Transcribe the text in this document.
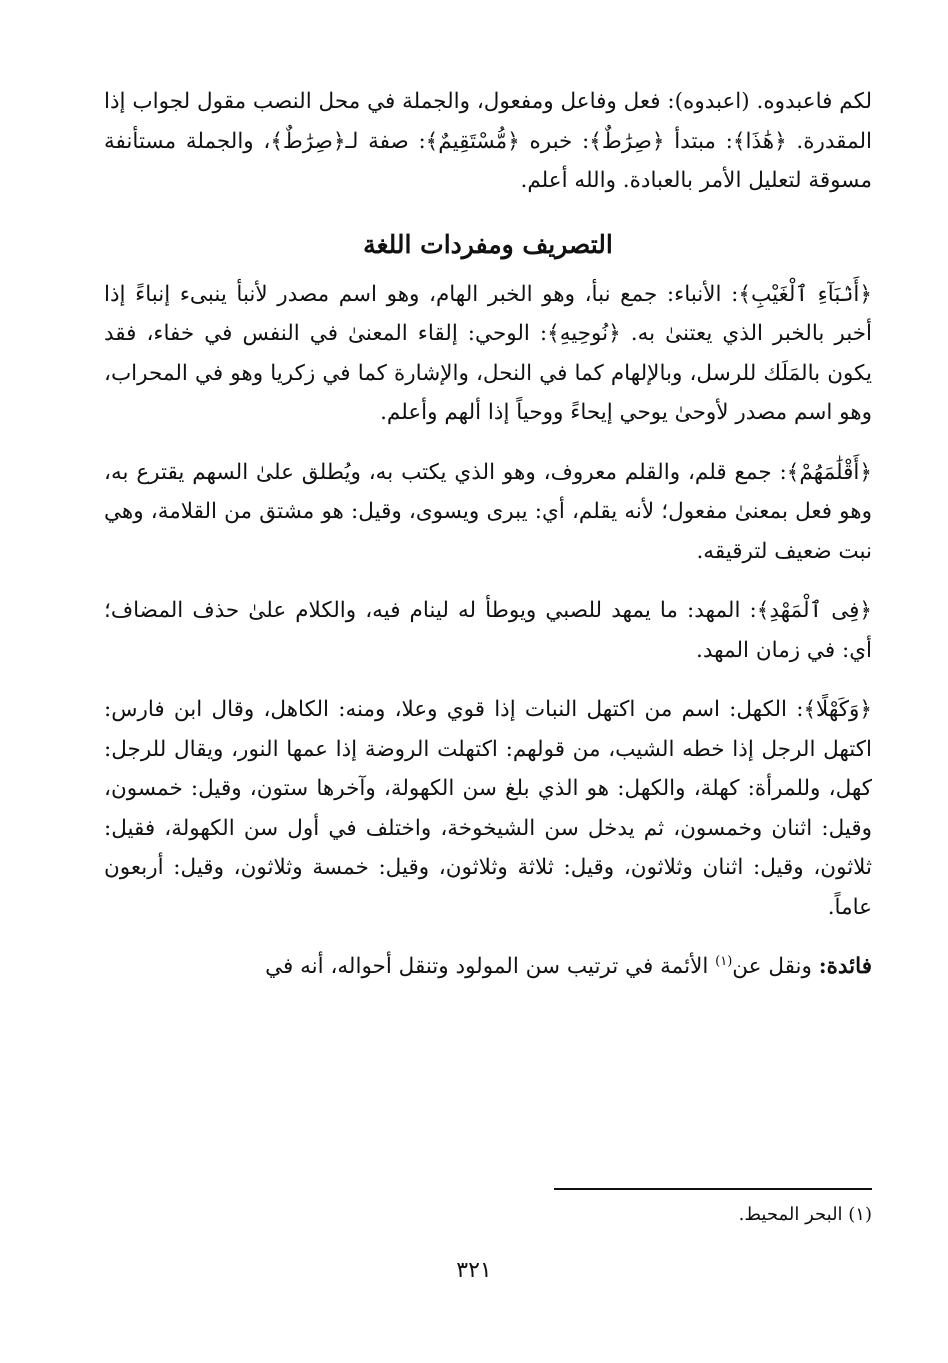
لكم فاعبدوه. (اعبدوه): فعل وفاعل ومفعول، والجملة في محل النصب مقول لجواب إذا المقدرة. ﴿هَٰذَا﴾: مبتدأ ﴿صِرَٰطٌ﴾: خبره ﴿مُّسْتَقِيمٌ﴾: صفة لـ﴿صِرَٰطٌ﴾، والجملة مستأنفة مسوقة لتعليل الأمر بالعبادة. والله أعلم.

التصريف ومفردات اللغة

﴿أَنۢبَآءِ ٱلْغَيْبِ﴾: الأنباء: جمع نبأ، وهو الخبر الهام، وهو اسم مصدر لأنبأ ينبىء إنباءً إذا أخبر بالخبر الذي يعتنىٰ به. ﴿نُوحِيهِ﴾: الوحي: إلقاء المعنىٰ في النفس في خفاء، فقد يكون بالمَلَك للرسل، وبالإلهام كما في النحل، والإشارة كما في زكريا وهو في المحراب، وهو اسم مصدر لأوحىٰ يوحي إيحاءً ووحياً إذا ألهم وأعلم.

﴿أَقْلَٰمَهُمْ﴾: جمع قلم، والقلم معروف، وهو الذي يكتب به، ويُطلق علىٰ السهم يقترع به، وهو فعل بمعنىٰ مفعول؛ لأنه يقلم، أي: يبرى ويسوى، وقيل: هو مشتق من القلامة، وهي نبت ضعيف لترقيقه.

﴿فِى ٱلْمَهْدِ﴾: المهد: ما يمهد للصبي ويوطأ له لينام فيه، والكلام علىٰ حذف المضاف؛ أي: في زمان المهد.

﴿وَكَهْلًا﴾: الكهل: اسم من اكتهل النبات إذا قوي وعلا، ومنه: الكاهل، وقال ابن فارس: اكتهل الرجل إذا خطه الشيب، من قولهم: اكتهلت الروضة إذا عمها النور، ويقال للرجل: كهل، وللمرأة: كهلة، والكهل: هو الذي بلغ سن الكهولة، وآخرها ستون، وقيل: خمسون، وقيل: اثنان وخمسون، ثم يدخل سن الشيخوخة، واختلف في أول سن الكهولة، فقيل: ثلاثون، وقيل: اثنان وثلاثون، وقيل: ثلاثة وثلاثون، وقيل: خمسة وثلاثون، وقيل: أربعون عاماً.

فائدة: ونقل عن$^{(١)}$ الأئمة في ترتيب سن المولود وتنقل أحواله، أنه في

(١) البحر المحيط.
٣٢١
